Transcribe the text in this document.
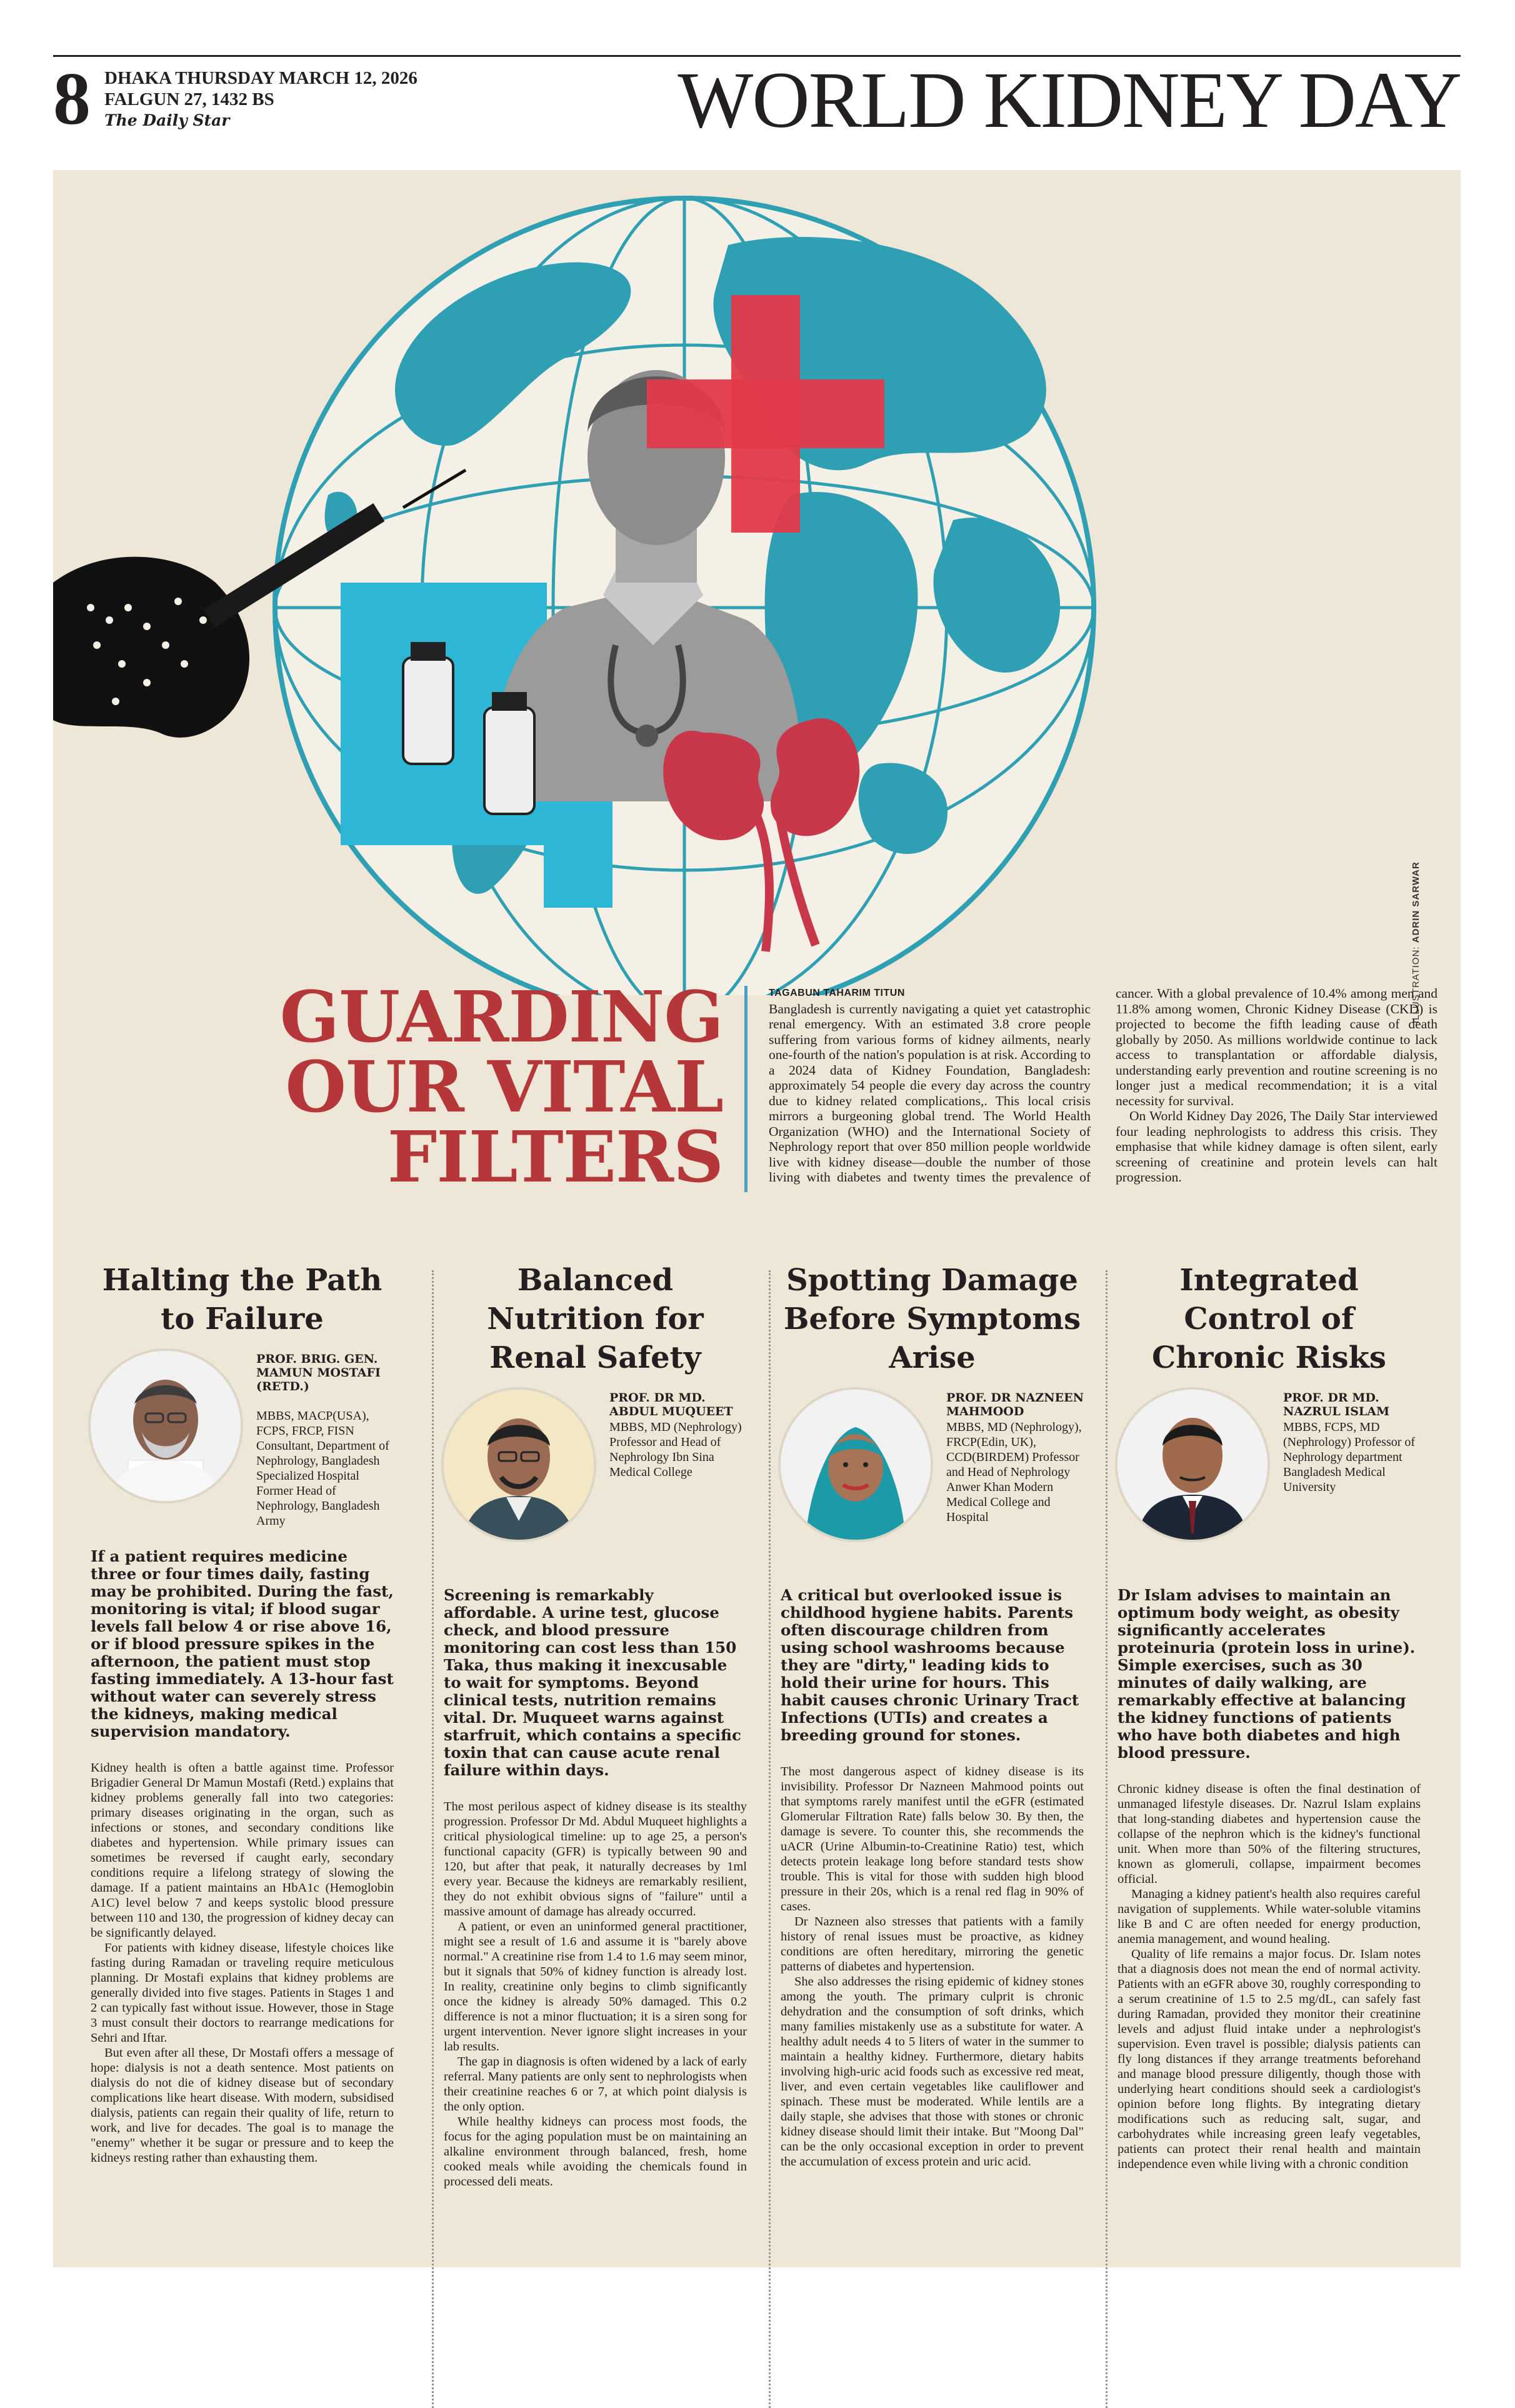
8 DHAKA THURSDAY MARCH 12, 2026
FALGUN 27, 1432 BS
The Daily Star	WORLD KIDNEY DAY
ILLUSTRATION: ADRIN SARWAR
GUARDING
OUR VITAL
FILTERS
TAGABUN TAHARIM TITUN

Bangladesh is currently navigating a quiet yet catastrophic renal emergency. With an estimated 3.8 crore people suffering from various forms of kidney ailments, nearly one-fourth of the nation's population is at risk. According to a 2024 data of Kidney Foundation, Bangladesh: approximately 54 people die every day across the country due to kidney related complications,. This local crisis mirrors a burgeoning global trend. The World Health Organization (WHO) and the International Society of Nephrology report that over 850 million people worldwide live with kidney disease—double the number of those living with diabetes and twenty times the prevalence of cancer. With a global prevalence of 10.4% among men and 11.8% among women, Chronic Kidney Disease (CKD) is projected to become the fifth leading cause of death globally by 2050. As millions worldwide continue to lack access to transplantation or affordable dialysis, understanding early prevention and routine screening is no longer just a medical recommendation; it is a vital necessity for survival.

On World Kidney Day 2026, The Daily Star interviewed four leading nephrologists to address this crisis. They emphasise that while kidney damage is often silent, early screening of creatinine and protein levels can halt progression.

Halting the Path to Failure
PROF. BRIG. GEN. MAMUN MOSTAFI (RETD.)
MBBS, MACP(USA), FCPS, FRCP, FISN Consultant, Department of Nephrology, Bangladesh Specialized Hospital Former Head of Nephrology, Bangladesh Army

If a patient requires medicine three or four times daily, fasting may be prohibited. During the fast, monitoring is vital; if blood sugar levels fall below 4 or rise above 16, or if blood pressure spikes in the afternoon, the patient must stop fasting immediately. A 13-hour fast without water can severely stress the kidneys, making medical supervision mandatory.

Kidney health is often a battle against time. Professor Brigadier General Dr Mamun Mostafi (Retd.) explains that kidney problems generally fall into two categories: primary diseases originating in the organ, such as infections or stones, and secondary conditions like diabetes and hypertension. While primary issues can sometimes be reversed if caught early, secondary conditions require a lifelong strategy of slowing the damage. If a patient maintains an HbA1c (Hemoglobin A1C) level below 7 and keeps systolic blood pressure between 110 and 130, the progression of kidney decay can be significantly delayed.

For patients with kidney disease, lifestyle choices like fasting during Ramadan or traveling require meticulous planning. Dr Mostafi explains that kidney problems are generally divided into five stages. Patients in Stages 1 and 2 can typically fast without issue. However, those in Stage 3 must consult their doctors to rearrange medications for Sehri and Iftar.

But even after all these, Dr Mostafi offers a message of hope: dialysis is not a death sentence. Most patients on dialysis do not die of kidney disease but of secondary complications like heart disease. With modern, subsidised dialysis, patients can regain their quality of life, return to work, and live for decades. The goal is to manage the "enemy" whether it be sugar or pressure and to keep the kidneys resting rather than exhausting them.

Balanced Nutrition for Renal Safety
PROF. DR MD. ABDUL MUQUEET
MBBS, MD (Nephrology) Professor and Head of Nephrology Ibn Sina Medical College

Screening is remarkably affordable. A urine test, glucose check, and blood pressure monitoring can cost less than 150 Taka, thus making it inexcusable to wait for symptoms. Beyond clinical tests, nutrition remains vital. Dr. Muqueet warns against starfruit, which contains a specific toxin that can cause acute renal failure within days.

The most perilous aspect of kidney disease is its stealthy progression. Professor Dr Md. Abdul Muqueet highlights a critical physiological timeline: up to age 25, a person's functional capacity (GFR) is typically between 90 and 120, but after that peak, it naturally decreases by 1ml every year. Because the kidneys are remarkably resilient, they do not exhibit obvious signs of "failure" until a massive amount of damage has already occurred.

A patient, or even an uninformed general practitioner, might see a result of 1.6 and assume it is "barely above normal." A creatinine rise from 1.4 to 1.6 may seem minor, but it signals that 50% of kidney function is already lost. In reality, creatinine only begins to climb significantly once the kidney is already 50% damaged. This 0.2 difference is not a minor fluctuation; it is a siren song for urgent intervention. Never ignore slight increases in your lab results.

The gap in diagnosis is often widened by a lack of early referral. Many patients are only sent to nephrologists when their creatinine reaches 6 or 7, at which point dialysis is the only option.

While healthy kidneys can process most foods, the focus for the aging population must be on maintaining an alkaline environment through balanced, fresh, home cooked meals while avoiding the chemicals found in processed deli meats.

Spotting Damage Before Symptoms Arise
PROF. DR NAZNEEN MAHMOOD
MBBS, MD (Nephrology), FRCP(Edin, UK), CCD(BIRDEM) Professor and Head of Nephrology Anwer Khan Modern Medical College and Hospital

A critical but overlooked issue is childhood hygiene habits. Parents often discourage children from using school washrooms because they are "dirty," leading kids to hold their urine for hours. This habit causes chronic Urinary Tract Infections (UTIs) and creates a breeding ground for stones.

The most dangerous aspect of kidney disease is its invisibility. Professor Dr Nazneen Mahmood points out that symptoms rarely manifest until the eGFR (estimated Glomerular Filtration Rate) falls below 30. By then, the damage is severe. To counter this, she recommends the uACR (Urine Albumin-to-Creatinine Ratio) test, which detects protein leakage long before standard tests show trouble. This is vital for those with sudden high blood pressure in their 20s, which is a renal red flag in 90% of cases.

Dr Nazneen also stresses that patients with a family history of renal issues must be proactive, as kidney conditions are often hereditary, mirroring the genetic patterns of diabetes and hypertension.

She also addresses the rising epidemic of kidney stones among the youth. The primary culprit is chronic dehydration and the consumption of soft drinks, which many families mistakenly use as a substitute for water. A healthy adult needs 4 to 5 liters of water in the summer to maintain a healthy kidney. Furthermore, dietary habits involving high-uric acid foods such as excessive red meat, liver, and even certain vegetables like cauliflower and spinach. These must be moderated. While lentils are a daily staple, she advises that those with stones or chronic kidney disease should limit their intake. But "Moong Dal" can be the only occasional exception in order to prevent the accumulation of excess protein and uric acid.

Integrated Control of Chronic Risks
PROF. DR MD. NAZRUL ISLAM
MBBS, FCPS, MD (Nephrology) Professor of Nephrology department Bangladesh Medical University

Dr Islam advises to maintain an optimum body weight, as obesity significantly accelerates proteinuria (protein loss in urine). Simple exercises, such as 30 minutes of daily walking, are remarkably effective at balancing the kidney functions of patients who have both diabetes and high blood pressure.

Chronic kidney disease is often the final destination of unmanaged lifestyle diseases. Dr. Nazrul Islam explains that long-standing diabetes and hypertension cause the collapse of the nephron which is the kidney's functional unit. When more than 50% of the filtering structures, known as glomeruli, collapse, impairment becomes official.

Managing a kidney patient's health also requires careful navigation of supplements. While water-soluble vitamins like B and C are often needed for energy production, anemia management, and wound healing.

Quality of life remains a major focus. Dr. Islam notes that a diagnosis does not mean the end of normal activity. Patients with an eGFR above 30, roughly corresponding to a serum creatinine of 1.5 to 2.5 mg/dL, can safely fast during Ramadan, provided they monitor their creatinine levels and adjust fluid intake under a nephrologist's supervision. Even travel is possible; dialysis patients can fly long distances if they arrange treatments beforehand and manage blood pressure diligently, though those with underlying heart conditions should seek a cardiologist's opinion before long flights. By integrating dietary modifications such as reducing salt, sugar, and carbohydrates while increasing green leafy vegetables, patients can protect their renal health and maintain independence even while living with a chronic condition
